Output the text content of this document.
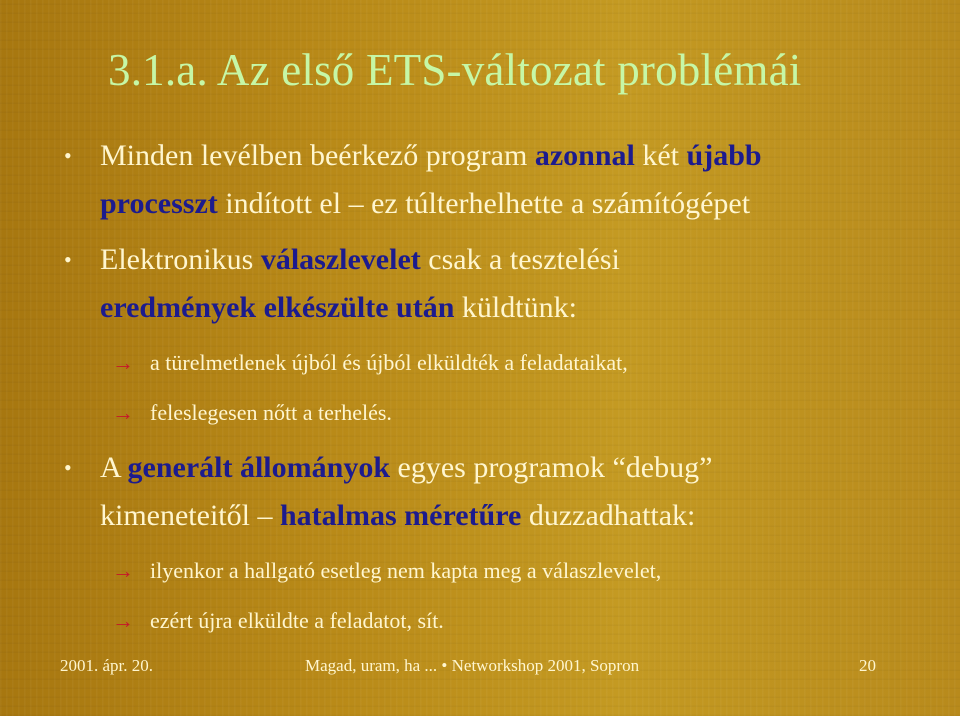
3.1.a. Az első ETS-változat problémái
• Minden levélben beérkező program azonnal két újabb
processzt indított el – ez túlterhelhette a számítógépet
• Elektronikus válaszlevelet csak a tesztelési
eredmények elkészülte után küldtünk:
→ a türelmetlenek újból és újból elküldték a feladataikat,
→ feleslegesen nőtt a terhelés.
• A generált állományok egyes programok “debug”
kimeneteitől – hatalmas méretűre duzzadhattak:
→ ilyenkor a hallgató esetleg nem kapta meg a válaszlevelet,
→ ezért újra elküldte a feladatot, sít.
2001. ápr. 20.	Magad, uram, ha ... • Networkshop 2001, Sopron	20
